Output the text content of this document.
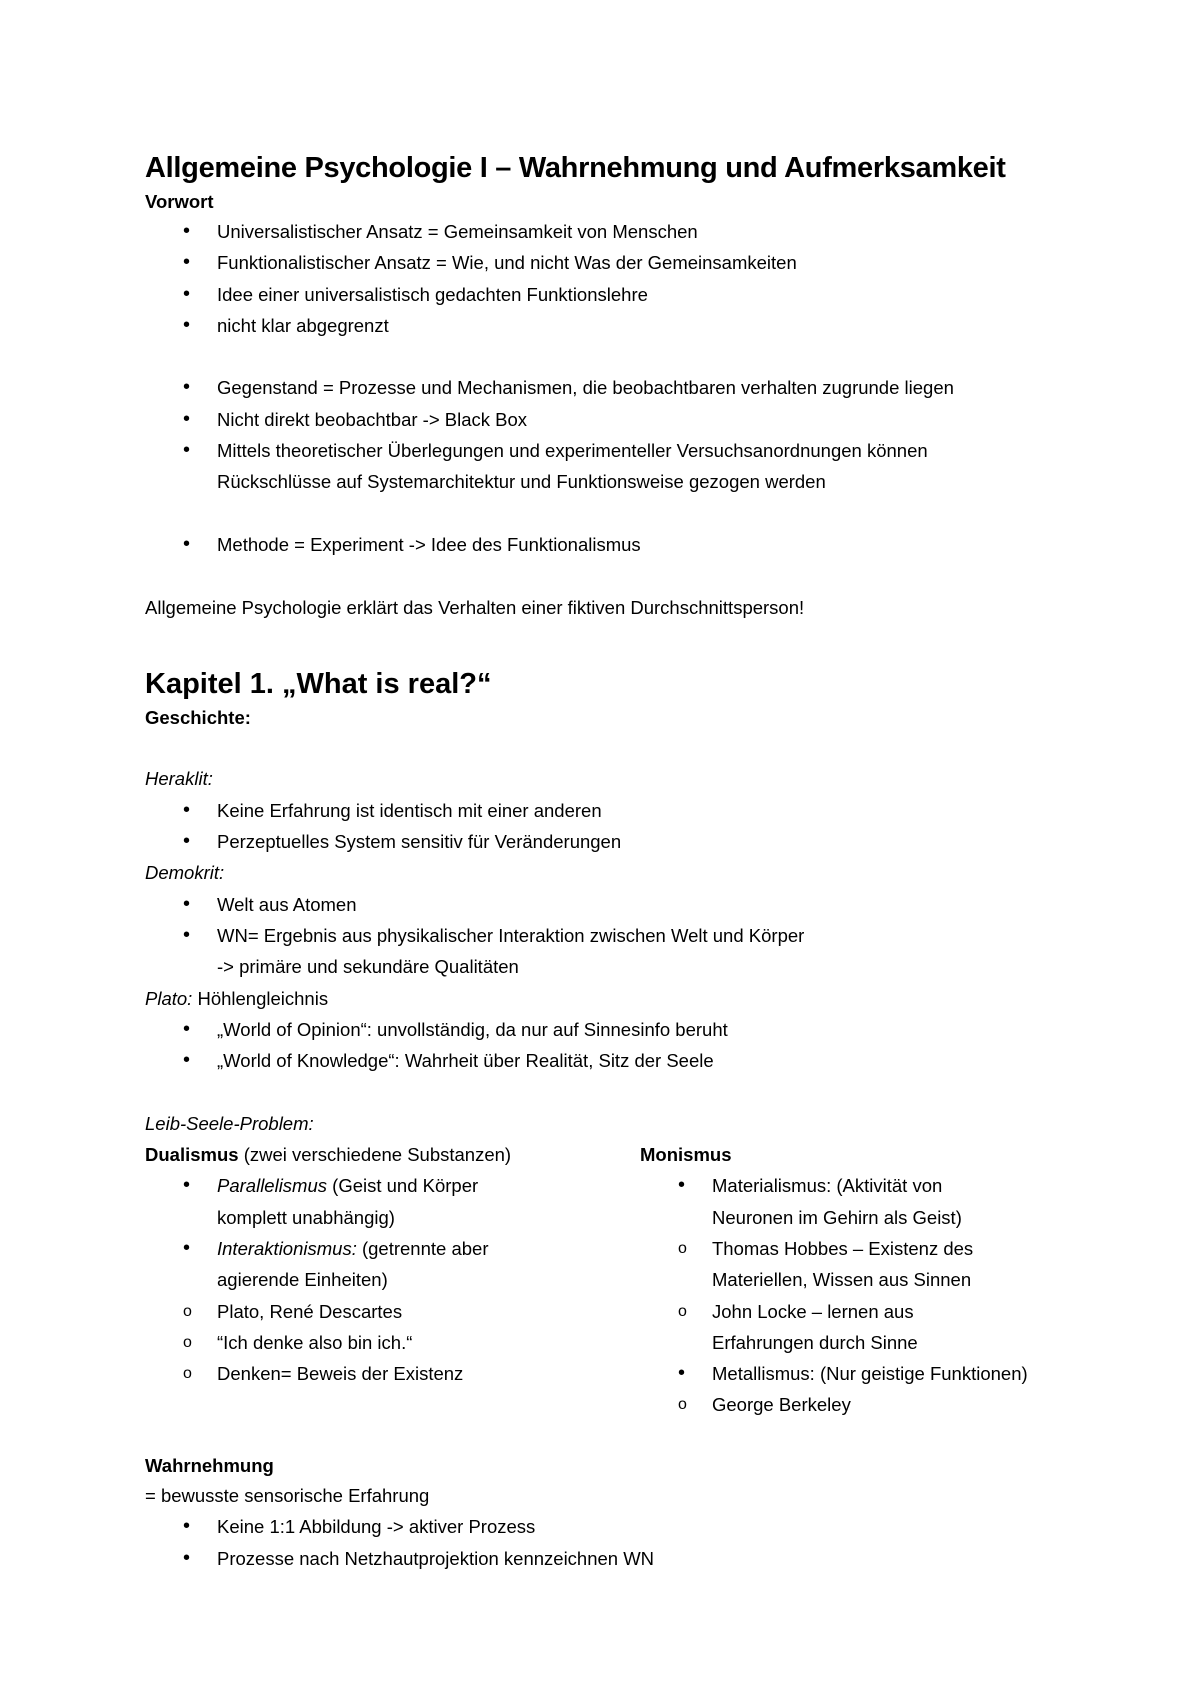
Allgemeine Psychologie I – Wahrnehmung und Aufmerksamkeit
Vorwort
• Universalistischer Ansatz = Gemeinsamkeit von Menschen
• Funktionalistischer Ansatz = Wie, und nicht Was der Gemeinsamkeiten
• Idee einer universalistisch gedachten Funktionslehre
• nicht klar abgegrenzt
• Gegenstand = Prozesse und Mechanismen, die beobachtbaren verhalten zugrunde liegen
• Nicht direkt beobachtbar -> Black Box
• Mittels theoretischer Überlegungen und experimenteller Versuchsanordnungen können Rückschlüsse auf Systemarchitektur und Funktionsweise gezogen werden
• Methode = Experiment -> Idee des Funktionalismus
Allgemeine Psychologie erklärt das Verhalten einer fiktiven Durchschnittsperson!
Kapitel 1. „What is real?“
Geschichte:
Heraklit:
• Keine Erfahrung ist identisch mit einer anderen
• Perzeptuelles System sensitiv für Veränderungen
Demokrit:
• Welt aus Atomen
• WN= Ergebnis aus physikalischer Interaktion zwischen Welt und Körper
-> primäre und sekundäre Qualitäten
Plato: Höhlengleichnis
• „World of Opinion“: unvollständig, da nur auf Sinnesinfo beruht
• „World of Knowledge“: Wahrheit über Realität, Sitz der Seele
Leib-Seele-Problem:
Dualismus (zwei verschiedene Substanzen)
• Parallelismus (Geist und Körper komplett unabhängig)
• Interaktionismus: (getrennte aber agierende Einheiten)
o Plato, René Descartes
o “Ich denke also bin ich.“
o Denken= Beweis der Existenz
Monismus
• Materialismus: (Aktivität von Neuronen im Gehirn als Geist)
o Thomas Hobbes – Existenz des Materiellen, Wissen aus Sinnen
o John Locke – lernen aus Erfahrungen durch Sinne
• Metallismus: (Nur geistige Funktionen)
o George Berkeley
Wahrnehmung
= bewusste sensorische Erfahrung
• Keine 1:1 Abbildung -> aktiver Prozess
• Prozesse nach Netzhautprojektion kennzeichnen WN
